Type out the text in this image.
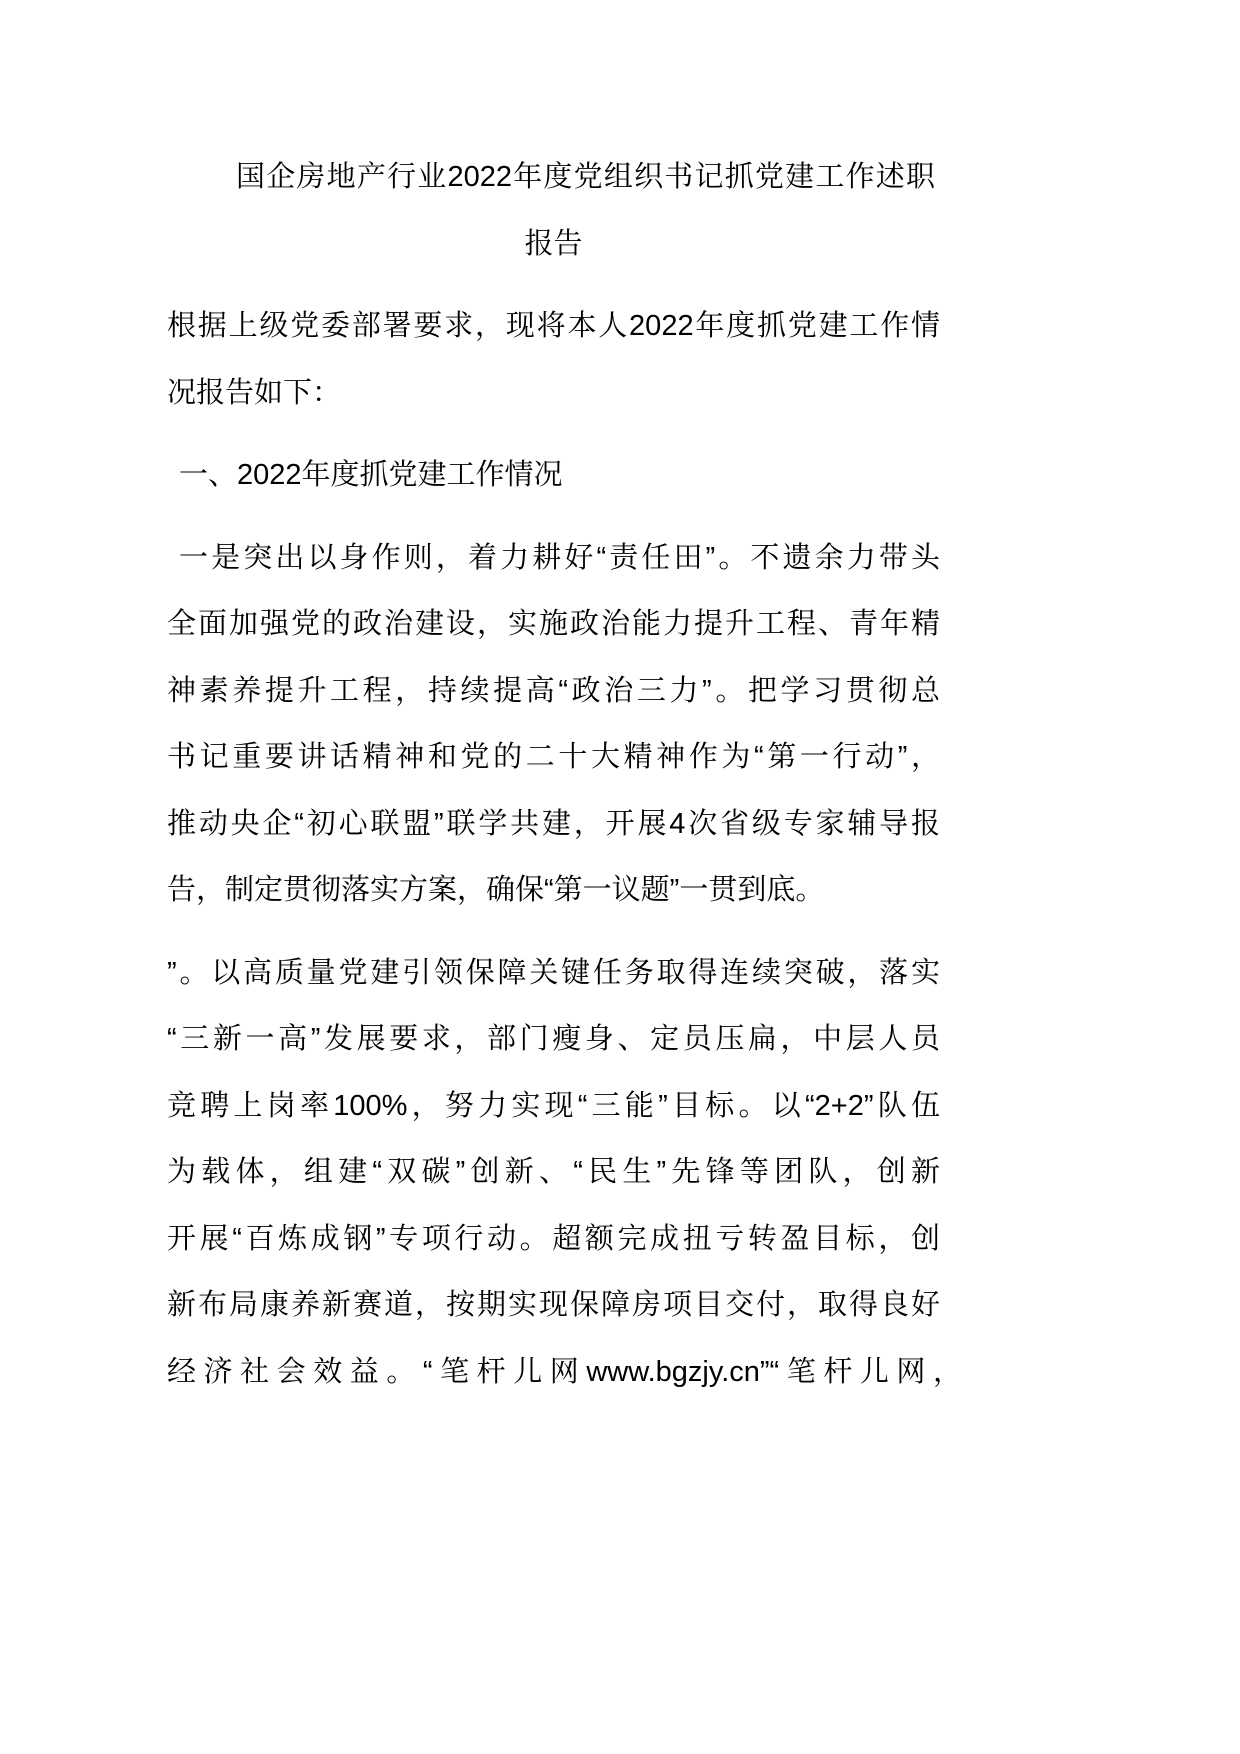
国企房地产行业2022年度党组织书记抓党建工作述职
报告
根据上级党委部署要求，现将本人2022年度抓党建工作情
况报告如下：
一、2022年度抓党建工作情况
一是突出以身作则，着力耕好“责任田”。不遗余力带头
全面加强党的政治建设，实施政治能力提升工程、青年精
神素养提升工程，持续提高“政治三力”。把学习贯彻总
书记重要讲话精神和党的二十大精神作为“第一行动”，
推动央企“初心联盟”联学共建，开展4次省级专家辅导报
告，制定贯彻落实方案，确保“第一议题”一贯到底。
”。以高质量党建引领保障关键任务取得连续突破，落实
“三新一高”发展要求，部门瘦身、定员压扁，中层人员
竞聘上岗率100%，努力实现“三能”目标。以“2+2”队伍
为载体，组建“双碳”创新、“民生”先锋等团队，创新
开展“百炼成钢”专项行动。超额完成扭亏转盈目标，创
新布局康养新赛道，按期实现保障房项目交付，取得良好
经济社会效益。“笔杆儿网www.bgzjy.cn”“笔杆儿网，
